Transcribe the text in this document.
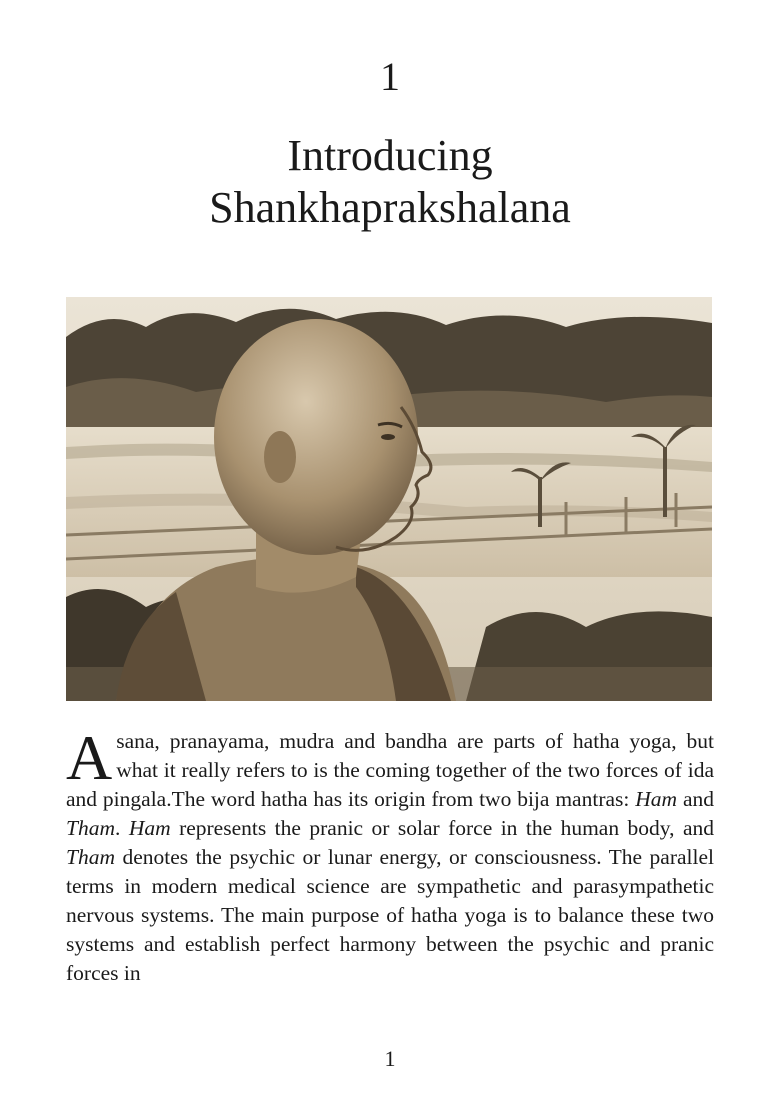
1
Introducing
Shankhaprakshalana

Asana, pranayama, mudra and bandha are parts of hatha yoga, but what it really refers to is the coming together of the two forces of ida and pingala.The word hatha has its origin from two bija mantras: Ham and Tham. Ham represents the pranic or solar force in the human body, and Tham denotes the psychic or lunar energy, or consciousness. The parallel terms in modern medical science are sympathetic and parasympathetic nervous systems. The main purpose of hatha yoga is to balance these two systems and establish perfect harmony between the psychic and pranic forces in

1
